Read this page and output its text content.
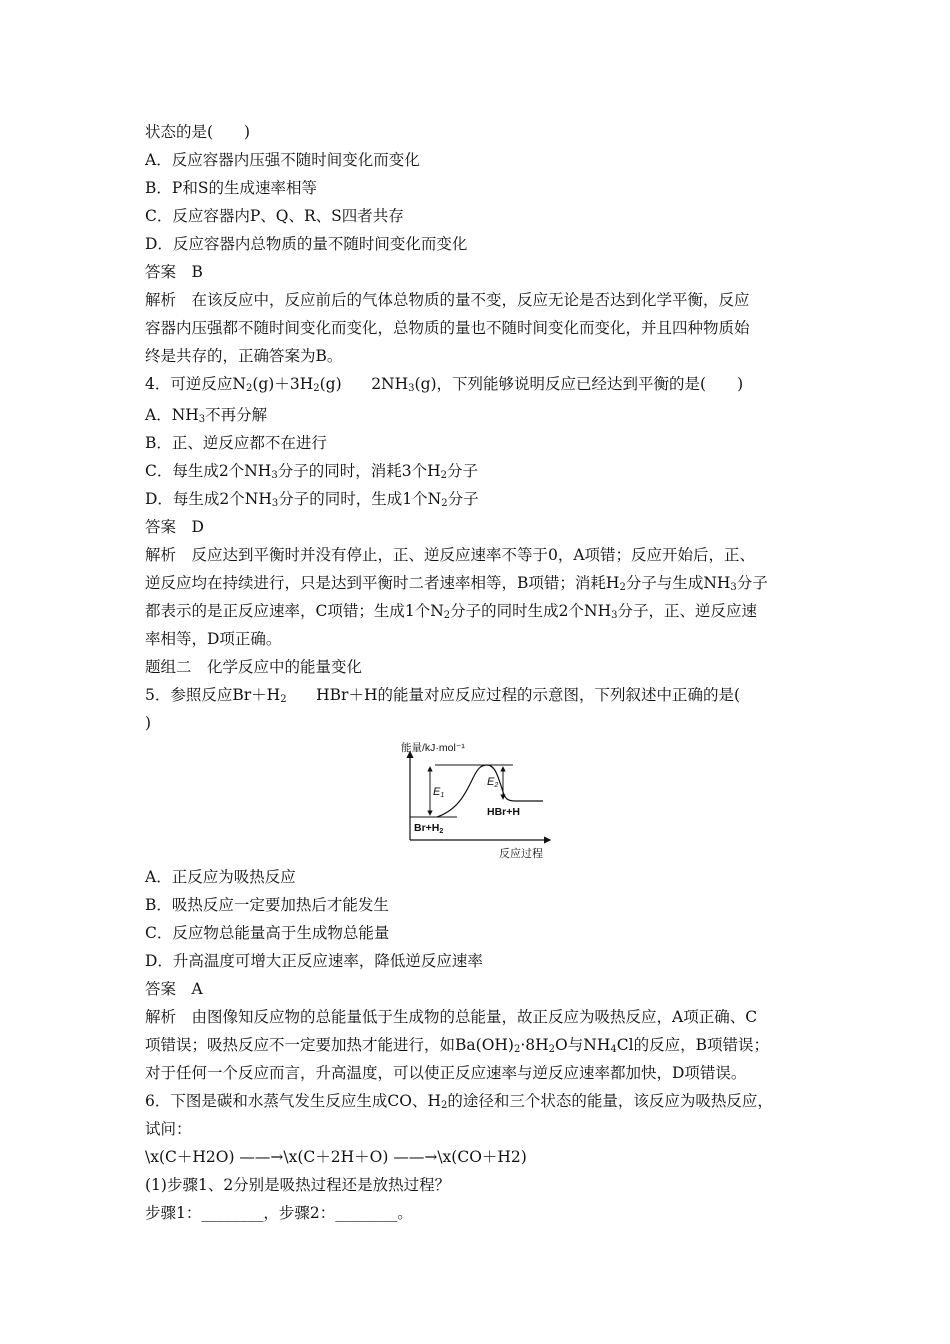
状态的是(　　)
A．反应容器内压强不随时间变化而变化
B．P和S的生成速率相等
C．反应容器内P、Q、R、S四者共存
D．反应容器内总物质的量不随时间变化而变化
答案　B
解析　在该反应中，反应前后的气体总物质的量不变，反应无论是否达到化学平衡，反应
容器内压强都不随时间变化而变化，总物质的量也不随时间变化而变化，并且四种物质始
终是共存的，正确答案为B。
4．可逆反应$N_2(g)+3H_2(g)$ $2NH_3(g)$，下列能够说明反应已经达到平衡的是(　　)
A．$NH_3$不再分解
B．正、逆反应都不在进行
C．每生成2个$NH_3$分子的同时，消耗3个$H_2$分子
D．每生成2个$NH_3$分子的同时，生成1个$N_2$分子
答案　D
解析　反应达到平衡时并没有停止，正、逆反应速率不等于0，A项错；反应开始后，正、
逆反应均在持续进行，只是达到平衡时二者速率相等，B项错；消耗$H_2$分子与生成$NH_3$分子
都表示的是正反应速率，C项错；生成1个$N_2$分子的同时生成2个$NH_3$分子，正、逆反应速
率相等，D项正确。
题组二　化学反应中的能量变化
5．参照反应$Br+H_2$ HBr＋H的能量对应反应过程的示意图，下列叙述中正确的是(
)
能量/kJ·mol⁻¹
反应过程
E1
E2
HBr+H
Br+H2
A．正反应为吸热反应
B．吸热反应一定要加热后才能发生
C．反应物总能量高于生成物总能量
D．升高温度可增大正反应速率，降低逆反应速率
答案　A
解析　由图像知反应物的总能量低于生成物的总能量，故正反应为吸热反应，A项正确、C
项错误；吸热反应不一定要加热才能进行，如$Ba(OH)_2\cdot 8H_2O$与$NH_4Cl$的反应，B项错误；
对于任何一个反应而言，升高温度，可以使正反应速率与逆反应速率都加快，D项错误。
6．下图是碳和水蒸气发生反应生成CO、$H_2$的途径和三个状态的能量，该反应为吸热反应，
试问：
\x(C＋H2O) ——→\x(C＋2H＋O) ——→\x(CO＋H2)
(1)步骤1、2分别是吸热过程还是放热过程？
步骤1：________，步骤2：________。
